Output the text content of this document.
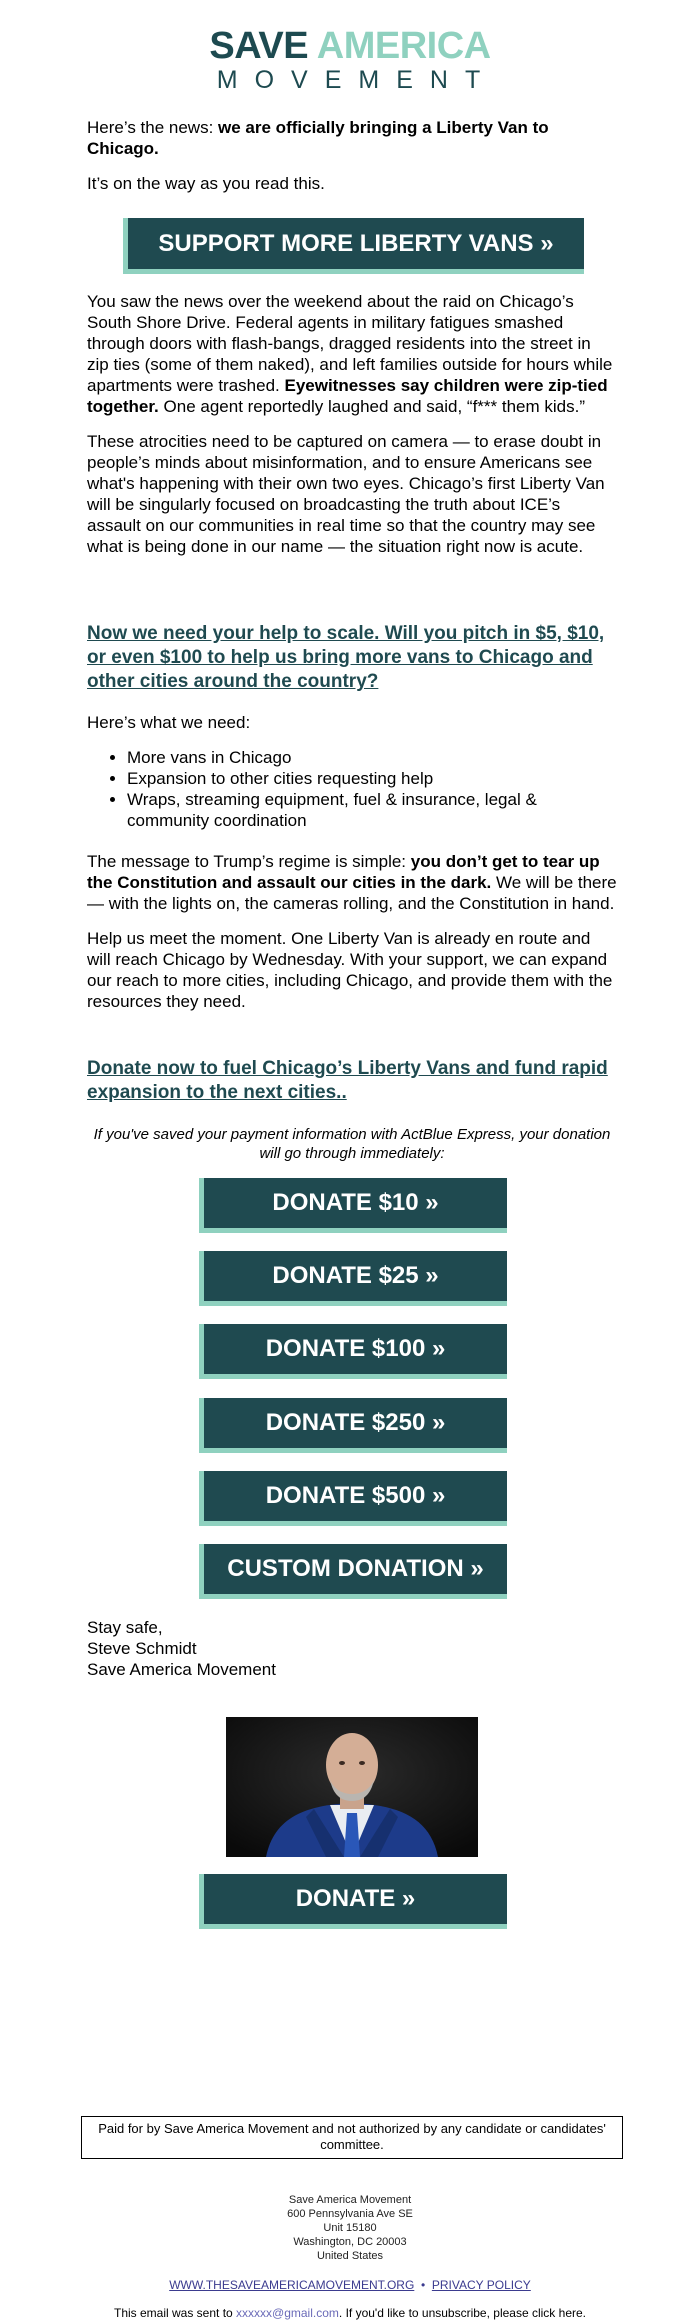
SAVE AMERICA
MOVEMENT

Here’s the news: we are officially bringing a Liberty Van to Chicago.

It’s on the way as you read this.

SUPPORT MORE LIBERTY VANS »

You saw the news over the weekend about the raid on Chicago’s South Shore Drive. Federal agents in military fatigues smashed through doors with flash-bangs, dragged residents into the street in zip ties (some of them naked), and left families outside for hours while apartments were trashed. Eyewitnesses say children were zip-tied together. One agent reportedly laughed and said, “f*** them kids.”

These atrocities need to be captured on camera — to erase doubt in people’s minds about misinformation, and to ensure Americans see what's happening with their own two eyes. Chicago’s first Liberty Van will be singularly focused on broadcasting the truth about ICE’s assault on our communities in real time so that the country may see what is being done in our name — the situation right now is acute.

Now we need your help to scale. Will you pitch in $5, $10, or even $100 to help us bring more vans to Chicago and other cities around the country?

Here’s what we need:

• More vans in Chicago
• Expansion to other cities requesting help
• Wraps, streaming equipment, fuel & insurance, legal & community coordination

The message to Trump’s regime is simple: you don’t get to tear up the Constitution and assault our cities in the dark. We will be there — with the lights on, the cameras rolling, and the Constitution in hand.

Help us meet the moment. One Liberty Van is already en route and will reach Chicago by Wednesday. With your support, we can expand our reach to more cities, including Chicago, and provide them with the resources they need.

Donate now to fuel Chicago’s Liberty Vans and fund rapid expansion to the next cities..
If you've saved your payment information with ActBlue Express, your donation will go through immediately:
DONATE $10 »
DONATE $25 »
DONATE $100 »
DONATE $250 »
DONATE $500 »
CUSTOM DONATION »
Stay safe,
Steve Schmidt
Save America Movement
DONATE »
Paid for by Save America Movement and not authorized by any candidate or candidates' committee.
Save America Movement
600 Pennsylvania Ave SE
Unit 15180
Washington, DC 20003
United States
WWW.THESAVEAMERICAMOVEMENT.ORG • PRIVACY POLICY
This email was sent to xxxxxx@gmail.com. If you'd like to unsubscribe, please click here.
